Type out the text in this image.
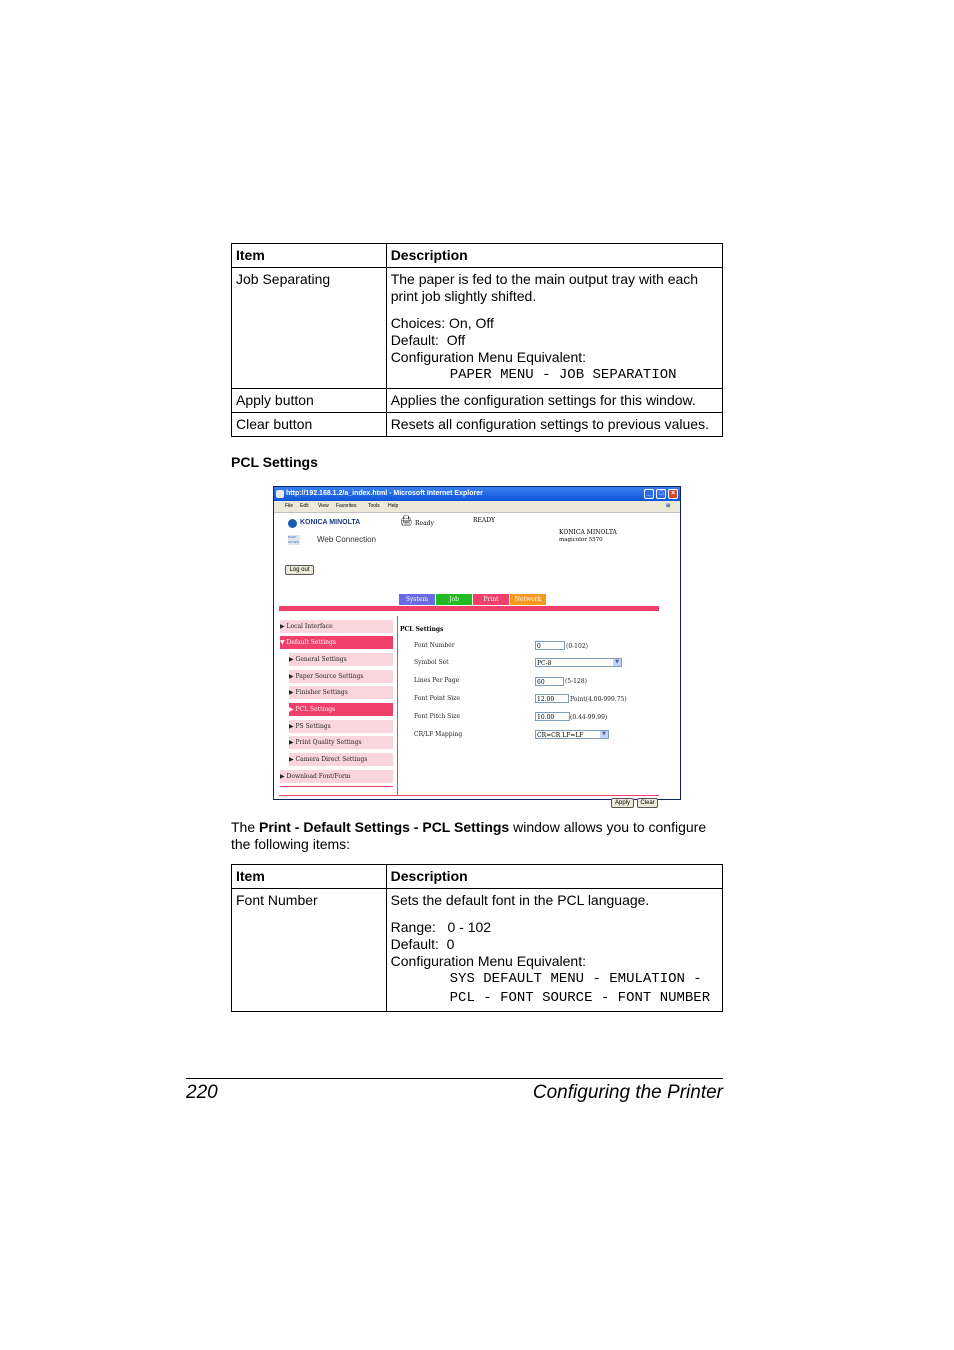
Item	Description
Job Separating	The paper is fed to the main output tray with each print job slightly shifted.
Choices: On, Off
Default:  Off
Configuration Menu Equivalent:
PAPER MENU - JOB SEPARATION

Apply button	Applies the configuration settings for this window.
Clear button	Resets all configuration settings to previous values.
PCL Settings
http://192.168.1.2/a_index.html - Microsoft Internet Explorer	_	□	×
File Edit View Favorites Tools Help	⊞
KONICA MINOLTA
PAGE SCOPE Web Connection
🖨 Ready	READY
KONICA MINOLTA
magicolor 5570
Log out
System	Job	Print	Network
▶ Local Interface
▼ Default Settings
▶ General Settings
▶ Paper Source Settings
▶ Finisher Settings
▶ PCL Settings
▶ PS Settings
▶ Print Quality Settings
▶ Camera Direct Settings
▶ Download Font/Form
PCL Settings
Font Number	0	(0-102)
Symbol Set	PC-8	▼
Lines Per Page	60	(5-128)
Font Point Size	12.00	Point(4.00-999.75)
Font Pitch Size	10.00	(0.44-99.99)
CR/LF Mapping	CR=CR LF=LF	▼
Apply	Clear
The Print - Default Settings - PCL Settings window allows you to configure the following items:
Item	Description
Font Number	Sets the default font in the PCL language.
Range:   0 - 102
Default:  0
Configuration Menu Equivalent:
SYS DEFAULT MENU - EMULATION - PCL - FONT SOURCE - FONT NUMBER
220	Configuring the Printer
